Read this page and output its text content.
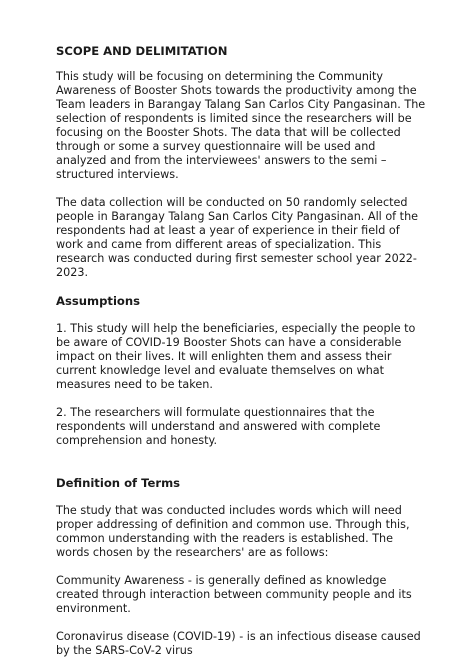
SCOPE AND DELIMITATION

This study will be focusing on determining the Community Awareness of Booster Shots towards the productivity among the Team leaders in Barangay Talang San Carlos City Pangasinan. The selection of respondents is limited since the researchers will be focusing on the Booster Shots. The data that will be collected through or some a survey questionnaire will be used and analyzed and from the interviewees' answers to the semi – structured interviews.

The data collection will be conducted on 50 randomly selected people in Barangay Talang San Carlos City Pangasinan. All of the respondents had at least a year of experience in their field of work and came from different areas of specialization. This research was conducted during first semester school year 2022-2023.

Assumptions

1. This study will help the beneficiaries, especially the people to be aware of COVID-19 Booster Shots can have a considerable impact on their lives. It will enlighten them and assess their current knowledge level and evaluate themselves on what measures need to be taken.

2. The researchers will formulate questionnaires that the respondents will understand and answered with complete comprehension and honesty.

Definition of Terms

The study that was conducted includes words which will need proper addressing of definition and common use. Through this, common understanding with the readers is established. The words chosen by the researchers' are as follows:

Community Awareness - is generally defined as knowledge created through interaction between community people and its environment.

Coronavirus disease (COVID-19) - is an infectious disease caused by the SARS-CoV-2 virus
